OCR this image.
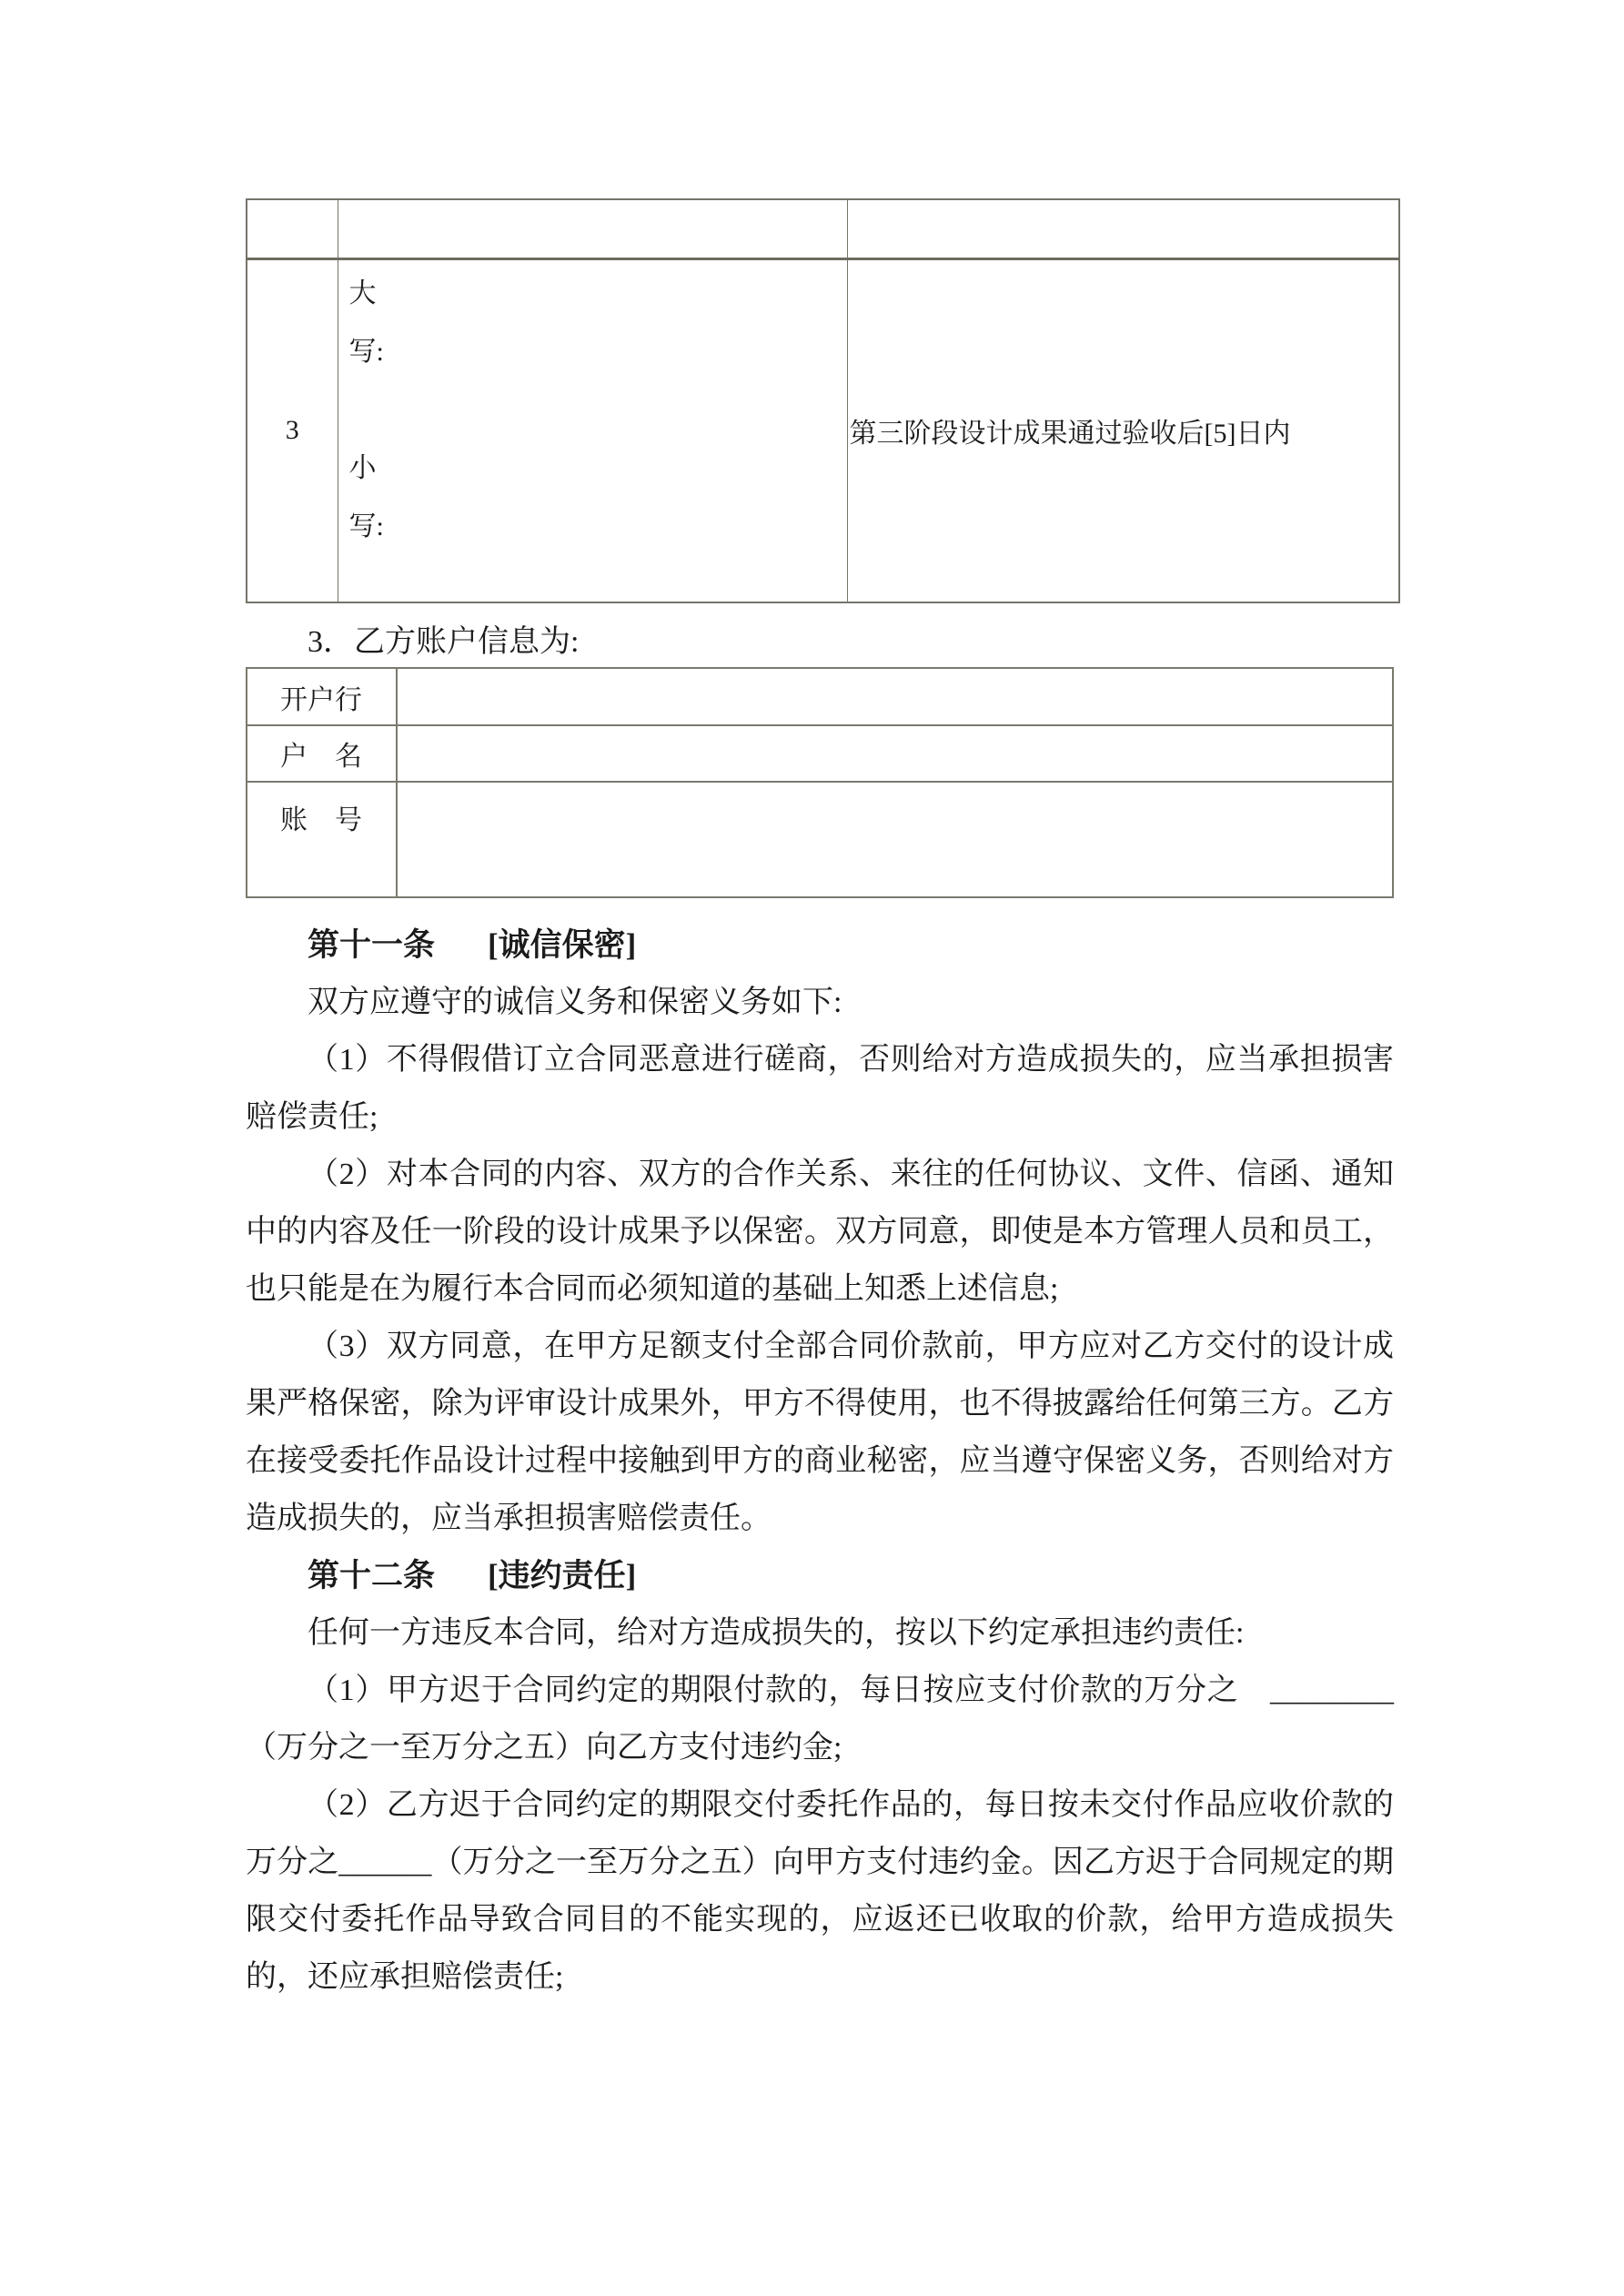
3	大
写:
小
写:	第三阶段设计成果通过验收后[5]日内
3．乙方账户信息为:
开户行	
户　名	
账　号	

第十一条 [诚信保密]

双方应遵守的诚信义务和保密义务如下:

（1）不得假借订立合同恶意进行磋商，否则给对方造成损失的，应当承担损害赔偿责任;

（2）对本合同的内容、双方的合作关系、来往的任何协议、文件、信函、通知中的内容及任一阶段的设计成果予以保密。双方同意，即使是本方管理人员和员工，也只能是在为履行本合同而必须知道的基础上知悉上述信息;

（3）双方同意，在甲方足额支付全部合同价款前，甲方应对乙方交付的设计成果严格保密，除为评审设计成果外，甲方不得使用，也不得披露给任何第三方。乙方在接受委托作品设计过程中接触到甲方的商业秘密，应当遵守保密义务，否则给对方造成损失的，应当承担损害赔偿责任。

第十二条 [违约责任]

任何一方违反本合同，给对方造成损失的，按以下约定承担违约责任:

（1）甲方迟于合同约定的期限付款的，每日按应支付价款的万分之　________（万分之一至万分之五）向乙方支付违约金;

（2）乙方迟于合同约定的期限交付委托作品的，每日按未交付作品应收价款的万分之______（万分之一至万分之五）向甲方支付违约金。因乙方迟于合同规定的期限交付委托作品导致合同目的不能实现的，应返还已收取的价款，给甲方造成损失的，还应承担赔偿责任;
